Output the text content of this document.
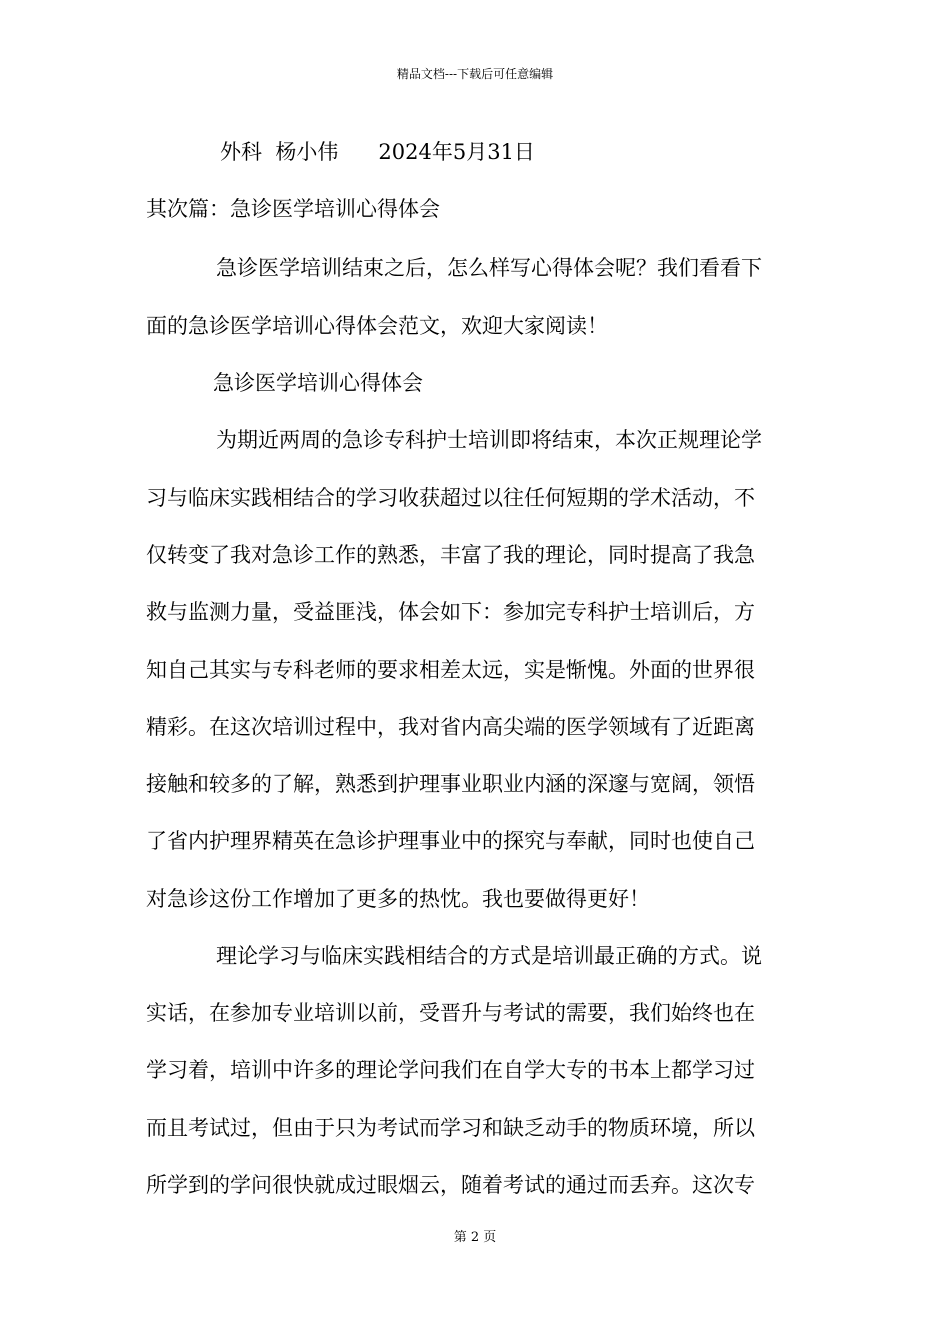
精品文档---下载后可任意编辑
外科  杨小伟      2024年5月31日
其次篇：急诊医学培训心得体会
急诊医学培训结束之后，怎么样写心得体会呢？我们看看下
面的急诊医学培训心得体会范文，欢迎大家阅读！
急诊医学培训心得体会
为期近两周的急诊专科护士培训即将结束，本次正规理论学
习与临床实践相结合的学习收获超过以往任何短期的学术活动，不
仅转变了我对急诊工作的熟悉，丰富了我的理论，同时提高了我急
救与监测力量，受益匪浅，体会如下：参加完专科护士培训后，方
知自己其实与专科老师的要求相差太远，实是惭愧。外面的世界很
精彩。在这次培训过程中，我对省内高尖端的医学领域有了近距离
接触和较多的了解，熟悉到护理事业职业内涵的深邃与宽阔，领悟
了省内护理界精英在急诊护理事业中的探究与奉献，同时也使自己
对急诊这份工作增加了更多的热忱。我也要做得更好！
理论学习与临床实践相结合的方式是培训最正确的方式。说
实话，在参加专业培训以前，受晋升与考试的需要，我们始终也在
学习着，培训中许多的理论学问我们在自学大专的书本上都学习过
而且考试过，但由于只为考试而学习和缺乏动手的物质环境，所以
所学到的学问很快就成过眼烟云，随着考试的通过而丢弃。这次专
第 2 页
